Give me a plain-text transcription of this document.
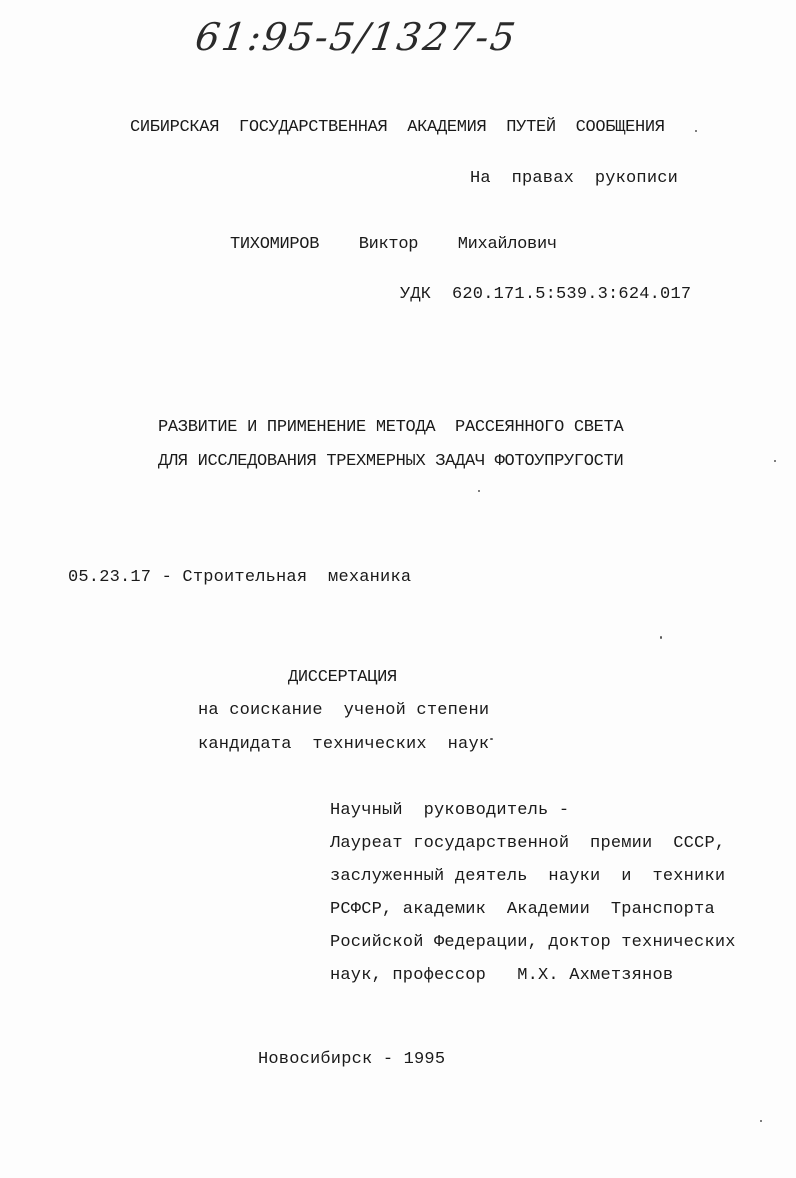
61:95-5/1327-5
СИБИРСКАЯ  ГОСУДАРСТВЕННАЯ  АКАДЕМИЯ  ПУТЕЙ  СООБЩЕНИЯ
На  правах  рукописи
ТИХОМИРОВ    Виктор    Михайлович
УДК  620.171.5:539.3:624.017
РАЗВИТИЕ И ПРИМЕНЕНИЕ МЕТОДА  РАССЕЯННОГО СВЕТА
ДЛЯ ИССЛЕДОВАНИЯ ТРЕХМЕРНЫХ ЗАДАЧ ФОТОУПРУГОСТИ
05.23.17 - Строительная  механика
ДИССЕРТАЦИЯ
на соискание  ученой степени
кандидата  технических  наук
Научный  руководитель -
Лауреат государственной  премии  СССР,
заслуженный деятель  науки  и  техники
РСФСР, академик  Академии  Транспорта
Росийской Федерации, доктор технических
наук, профессор   М.Х. Ахметзянов
Новосибирск - 1995
